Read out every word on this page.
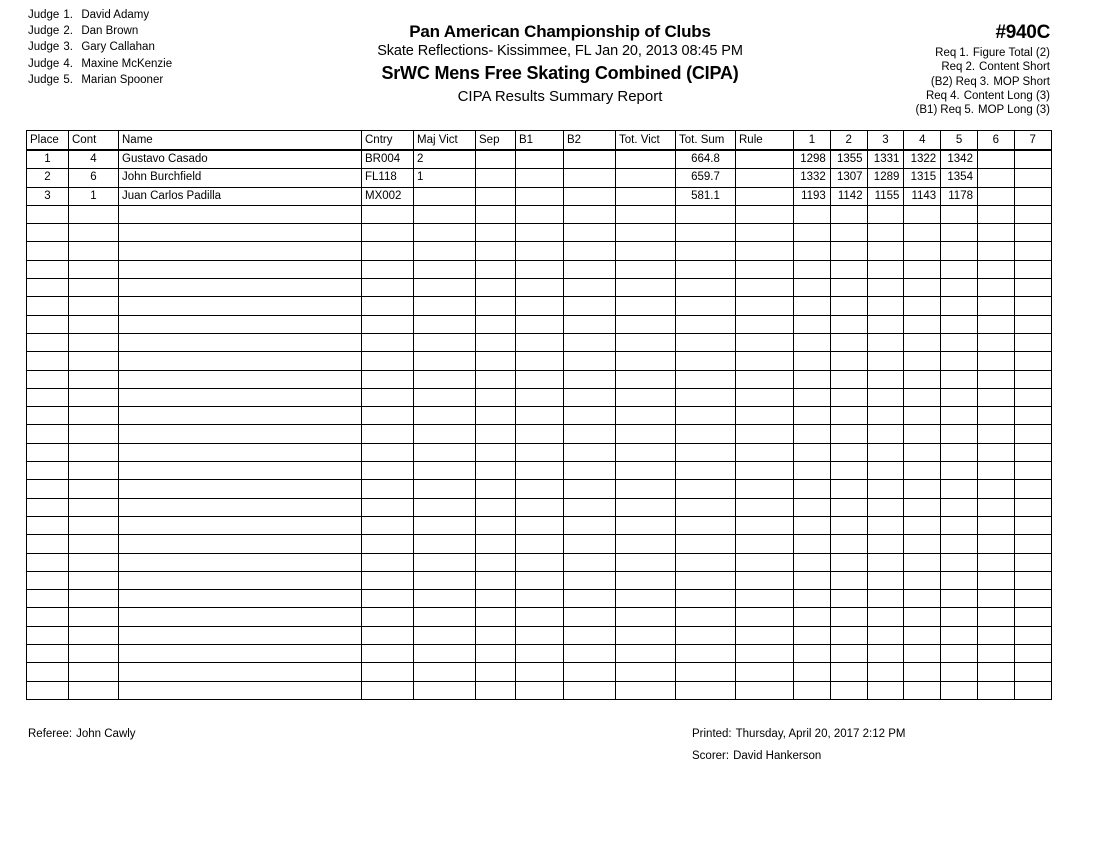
Judge 1. David Adamy
Judge 2. Dan Brown
Judge 3. Gary Callahan
Judge 4. Maxine McKenzie
Judge 5. Marian Spooner
Pan American Championship of Clubs
Skate Reflections- Kissimmee, FL Jan 20, 2013 08:45 PM
SrWC Mens Free Skating Combined (CIPA)
CIPA Results Summary Report
#940C
Req 1. Figure Total (2)
Req 2. Content Short
(B2) Req 3. MOP Short
Req 4. Content Long (3)
(B1) Req 5. MOP Long (3)
Place	Cont	Name	Cntry	Maj Vict	Sep	B1	B2	Tot. Vict	Tot. Sum	Rule	1	2	3	4	5	6	7
1	4	Gustavo Casado	BR004	2					664.8		1298	1355	1331	1322	1342		
2	6	John Burchfield	FL118	1					659.7		1332	1307	1289	1315	1354		
3	1	Juan Carlos Padilla	MX002						581.1		1193	1142	1155	1143	1178		

Referee: John Cawly	Printed: Thursday, April 20, 2017 2:12 PM
Scorer: David Hankerson
